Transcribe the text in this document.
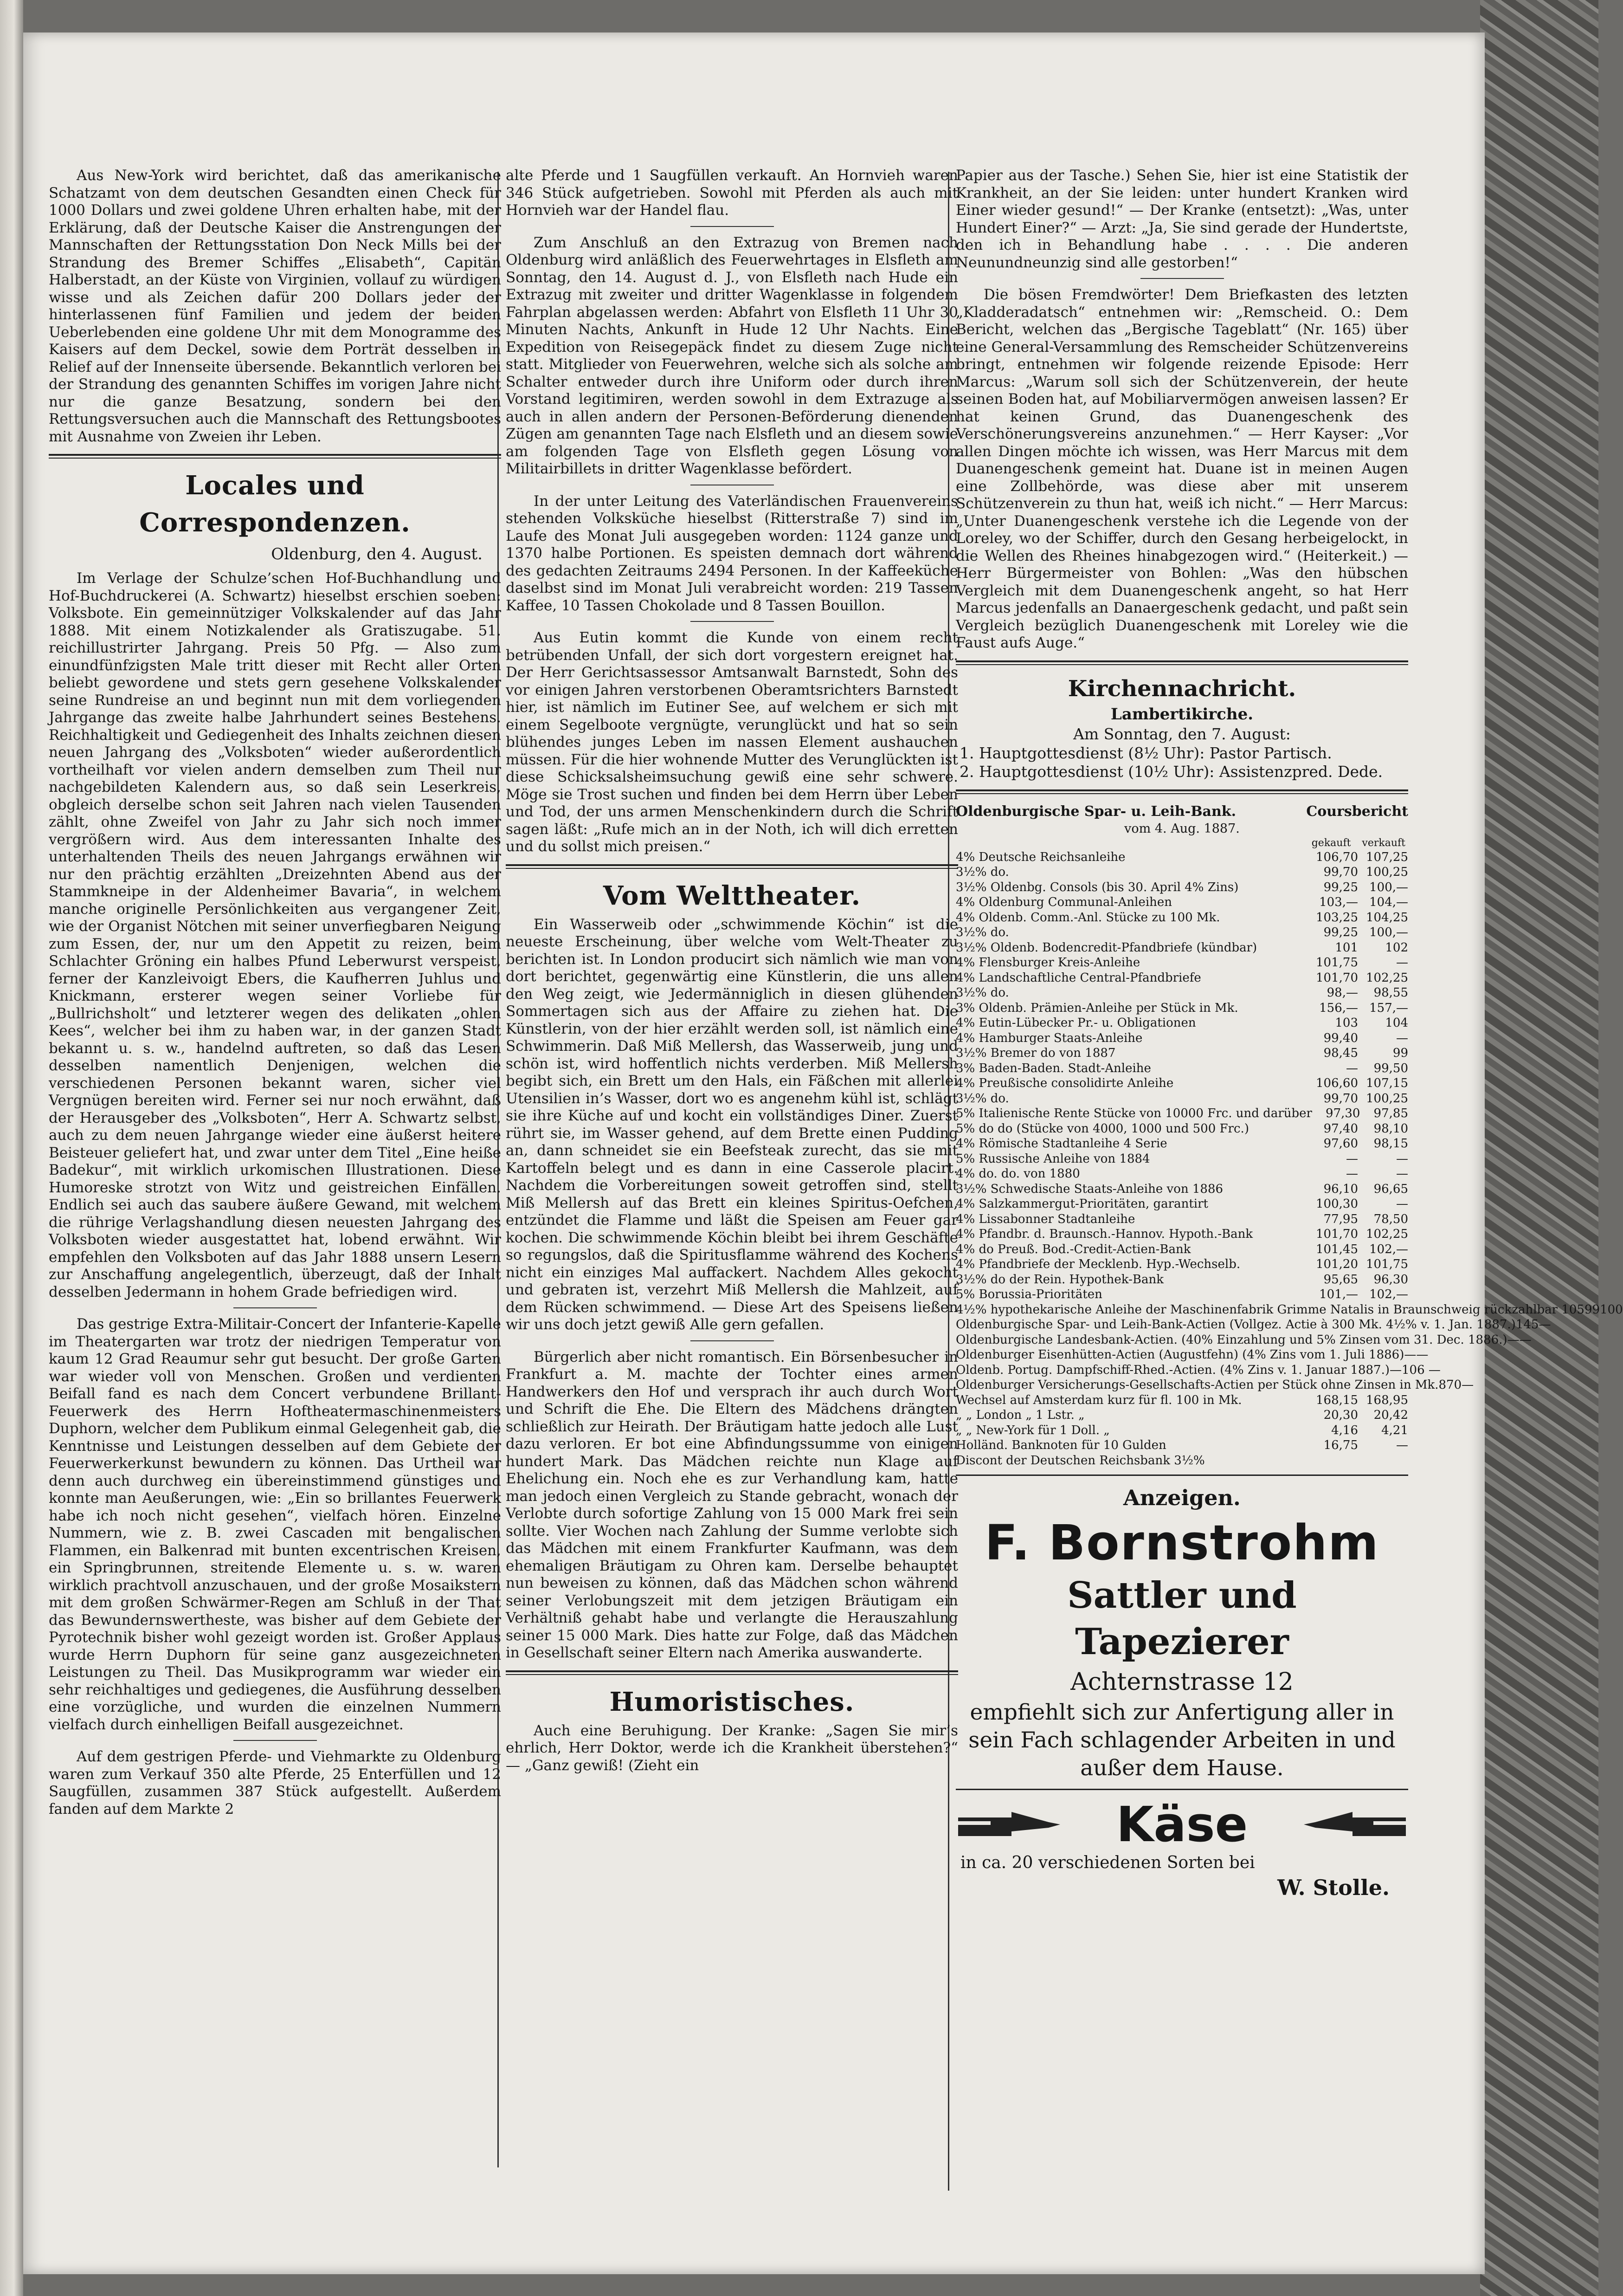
Aus New-York wird berichtet, daß das amerikanische Schatzamt von dem deutschen Gesandten einen Check für 1000 Dollars und zwei goldene Uhren erhalten habe, mit der Erklärung, daß der Deutsche Kaiser die Anstrengungen der Mannschaften der Rettungsstation Don Neck Mills bei der Strandung des Bremer Schiffes „Elisabeth“, Capitän Halberstadt, an der Küste von Virginien, vollauf zu würdigen wisse und als Zeichen dafür 200 Dollars jeder der hinterlassenen fünf Familien und jedem der beiden Ueberlebenden eine goldene Uhr mit dem Monogramme des Kaisers auf dem Deckel, sowie dem Porträt desselben in Relief auf der Innenseite übersende. Bekanntlich verloren bei der Strandung des genannten Schiffes im vorigen Jahre nicht nur die ganze Besatzung, sondern bei den Rettungsversuchen auch die Mannschaft des Rettungsbootes mit Ausnahme von Zweien ihr Leben.

Locales und Correspondenzen.
Oldenburg, den 4. August.

Im Verlage der Schulze’schen Hof-Buchhandlung und Hof-Buchdruckerei (A. Schwartz) hieselbst erschien soeben: Volksbote. Ein gemeinnütziger Volkskalender auf das Jahr 1888. Mit einem Notizkalender als Gratiszugabe. 51. reichillustrirter Jahrgang. Preis 50 Pfg. — Also zum einundfünfzigsten Male tritt dieser mit Recht aller Orten beliebt gewordene und stets gern gesehene Volkskalender seine Rundreise an und beginnt nun mit dem vorliegenden Jahrgange das zweite halbe Jahrhundert seines Bestehens. Reichhaltigkeit und Gediegenheit des Inhalts zeichnen diesen neuen Jahrgang des „Volksboten“ wieder außerordentlich vortheilhaft vor vielen andern demselben zum Theil nur nachgebildeten Kalendern aus, so daß sein Leserkreis, obgleich derselbe schon seit Jahren nach vielen Tausenden zählt, ohne Zweifel von Jahr zu Jahr sich noch immer vergrößern wird. Aus dem interessanten Inhalte des unterhaltenden Theils des neuen Jahrgangs erwähnen wir nur den prächtig erzählten „Dreizehnten Abend aus der Stammkneipe in der Aldenheimer Bavaria“, in welchem manche originelle Persönlichkeiten aus vergangener Zeit, wie der Organist Nötchen mit seiner unverfiegbaren Neigung zum Essen, der, nur um den Appetit zu reizen, beim Schlachter Gröning ein halbes Pfund Leberwurst verspeist, ferner der Kanzleivoigt Ebers, die Kaufherren Juhlus und Knickmann, ersterer wegen seiner Vorliebe für „Bullrichsholt“ und letzterer wegen des delikaten „ohlen Kees“, welcher bei ihm zu haben war, in der ganzen Stadt bekannt u. s. w., handelnd auftreten, so daß das Lesen desselben namentlich Denjenigen, welchen die verschiedenen Personen bekannt waren, sicher viel Vergnügen bereiten wird. Ferner sei nur noch erwähnt, daß der Herausgeber des „Volksboten“, Herr A. Schwartz selbst, auch zu dem neuen Jahrgange wieder eine äußerst heitere Beisteuer geliefert hat, und zwar unter dem Titel „Eine heiße Badekur“, mit wirklich urkomischen Illustrationen. Diese Humoreske strotzt von Witz und geistreichen Einfällen. Endlich sei auch das saubere äußere Gewand, mit welchem die rührige Verlagshandlung diesen neuesten Jahrgang des Volksboten wieder ausgestattet hat, lobend erwähnt. Wir empfehlen den Volksboten auf das Jahr 1888 unsern Lesern zur Anschaffung angelegentlich, überzeugt, daß der Inhalt desselben Jedermann in hohem Grade befriedigen wird.

Das gestrige Extra-Militair-Concert der Infanterie-Kapelle im Theatergarten war trotz der niedrigen Temperatur von kaum 12 Grad Reaumur sehr gut besucht. Der große Garten war wieder voll von Menschen. Großen und verdienten Beifall fand es nach dem Concert verbundene Brillant-Feuerwerk des Herrn Hoftheatermaschinenmeisters Duphorn, welcher dem Publikum einmal Gelegenheit gab, die Kenntnisse und Leistungen desselben auf dem Gebiete der Feuerwerkerkunst bewundern zu können. Das Urtheil war denn auch durchweg ein übereinstimmend günstiges und konnte man Aeußerungen, wie: „Ein so brillantes Feuerwerk habe ich noch nicht gesehen“, vielfach hören. Einzelne Nummern, wie z. B. zwei Cascaden mit bengalischen Flammen, ein Balkenrad mit bunten excentrischen Kreisen, ein Springbrunnen, streitende Elemente u. s. w. waren wirklich prachtvoll anzuschauen, und der große Mosaikstern mit dem großen Schwärmer-Regen am Schluß in der That das Bewundernswertheste, was bisher auf dem Gebiete der Pyrotechnik bisher wohl gezeigt worden ist. Großer Applaus wurde Herrn Duphorn für seine ganz ausgezeichneten Leistungen zu Theil. Das Musikprogramm war wieder ein sehr reichhaltiges und gediegenes, die Ausführung desselben eine vorzügliche, und wurden die einzelnen Nummern vielfach durch einhelligen Beifall ausgezeichnet.

Auf dem gestrigen Pferde- und Viehmarkte zu Oldenburg waren zum Verkauf 350 alte Pferde, 25 Enterfüllen und 12 Saugfüllen, zusammen 387 Stück aufgestellt. Außerdem fanden auf dem Markte 2

alte Pferde und 1 Saugfüllen verkauft. An Hornvieh waren 346 Stück aufgetrieben. Sowohl mit Pferden als auch mit Hornvieh war der Handel flau.

Zum Anschluß an den Extrazug von Bremen nach Oldenburg wird anläßlich des Feuerwehrtages in Elsfleth am Sonntag, den 14. August d. J., von Elsfleth nach Hude ein Extrazug mit zweiter und dritter Wagenklasse in folgendem Fahrplan abgelassen werden: Abfahrt von Elsfleth 11 Uhr 30 Minuten Nachts, Ankunft in Hude 12 Uhr Nachts. Eine Expedition von Reisegepäck findet zu diesem Zuge nicht statt. Mitglieder von Feuerwehren, welche sich als solche am Schalter entweder durch ihre Uniform oder durch ihren Vorstand legitimiren, werden sowohl in dem Extrazuge als auch in allen andern der Personen-Beförderung dienenden Zügen am genannten Tage nach Elsfleth und an diesem sowie am folgenden Tage von Elsfleth gegen Lösung von Militairbillets in dritter Wagenklasse befördert.

In der unter Leitung des Vaterländischen Frauenvereins stehenden Volksküche hieselbst (Ritterstraße 7) sind im Laufe des Monat Juli ausgegeben worden: 1124 ganze und 1370 halbe Portionen. Es speisten demnach dort während des gedachten Zeitraums 2494 Personen. In der Kaffeeküche daselbst sind im Monat Juli verabreicht worden: 219 Tassen Kaffee, 10 Tassen Chokolade und 8 Tassen Bouillon.

Aus Eutin kommt die Kunde von einem recht betrübenden Unfall, der sich dort vorgestern ereignet hat. Der Herr Gerichtsassessor Amtsanwalt Barnstedt, Sohn des vor einigen Jahren verstorbenen Oberamtsrichters Barnstedt hier, ist nämlich im Eutiner See, auf welchem er sich mit einem Segelboote vergnügte, verunglückt und hat so sein blühendes junges Leben im nassen Element aushauchen müssen. Für die hier wohnende Mutter des Verunglückten ist diese Schicksalsheimsuchung gewiß eine sehr schwere. Möge sie Trost suchen und finden bei dem Herrn über Leben und Tod, der uns armen Menschenkindern durch die Schrift sagen läßt: „Rufe mich an in der Noth, ich will dich erretten und du sollst mich preisen.“

Vom Welttheater.

Ein Wasserweib oder „schwimmende Köchin“ ist die neueste Erscheinung, über welche vom Welt-Theater zu berichten ist. In London producirt sich nämlich wie man von dort berichtet, gegenwärtig eine Künstlerin, die uns allen den Weg zeigt, wie Jedermänniglich in diesen glühenden Sommertagen sich aus der Affaire zu ziehen hat. Die Künstlerin, von der hier erzählt werden soll, ist nämlich eine Schwimmerin. Daß Miß Mellersh, das Wasserweib, jung und schön ist, wird hoffentlich nichts verderben. Miß Mellersh begibt sich, ein Brett um den Hals, ein Fäßchen mit allerlei Utensilien in’s Wasser, dort wo es angenehm kühl ist, schlägt sie ihre Küche auf und kocht ein vollständiges Diner. Zuerst rührt sie, im Wasser gehend, auf dem Brette einen Pudding an, dann schneidet sie ein Beefsteak zurecht, das sie mit Kartoffeln belegt und es dann in eine Casserole placirt. Nachdem die Vorbereitungen soweit getroffen sind, stellt Miß Mellersh auf das Brett ein kleines Spiritus-Oefchen, entzündet die Flamme und läßt die Speisen am Feuer gar kochen. Die schwimmende Köchin bleibt bei ihrem Geschäfte so regungslos, daß die Spiritusflamme während des Kochens nicht ein einziges Mal auffackert. Nachdem Alles gekocht und gebraten ist, verzehrt Miß Mellersh die Mahlzeit, auf dem Rücken schwimmend. — Diese Art des Speisens ließen wir uns doch jetzt gewiß Alle gern gefallen.

Bürgerlich aber nicht romantisch. Ein Börsenbesucher in Frankfurt a. M. machte der Tochter eines armen Handwerkers den Hof und versprach ihr auch durch Wort und Schrift die Ehe. Die Eltern des Mädchens drängten schließlich zur Heirath. Der Bräutigam hatte jedoch alle Lust dazu verloren. Er bot eine Abfindungssumme von einigen hundert Mark. Das Mädchen reichte nun Klage auf Ehelichung ein. Noch ehe es zur Verhandlung kam, hatte man jedoch einen Vergleich zu Stande gebracht, wonach der Verlobte durch sofortige Zahlung von 15 000 Mark frei sein sollte. Vier Wochen nach Zahlung der Summe verlobte sich das Mädchen mit einem Frankfurter Kaufmann, was dem ehemaligen Bräutigam zu Ohren kam. Derselbe behauptet nun beweisen zu können, daß das Mädchen schon während seiner Verlobungszeit mit dem jetzigen Bräutigam ein Verhältniß gehabt habe und verlangte die Herauszahlung seiner 15 000 Mark. Dies hatte zur Folge, daß das Mädchen in Gesellschaft seiner Eltern nach Amerika auswanderte.

Humoristisches.

Auch eine Beruhigung. Der Kranke: „Sagen Sie mir’s ehrlich, Herr Doktor, werde ich die Krankheit überstehen?“ — „Ganz gewiß! (Zieht ein

Papier aus der Tasche.) Sehen Sie, hier ist eine Statistik der Krankheit, an der Sie leiden: unter hundert Kranken wird Einer wieder gesund!“ — Der Kranke (entsetzt): „Was, unter Hundert Einer?“ — Arzt: „Ja, Sie sind gerade der Hundertste, den ich in Behandlung habe . . . . Die anderen Neunundneunzig sind alle gestorben!“

Die bösen Fremdwörter! Dem Briefkasten des letzten „Kladderadatsch“ entnehmen wir: „Remscheid. O.: Dem Bericht, welchen das „Bergische Tageblatt“ (Nr. 165) über eine General-Versammlung des Remscheider Schützenvereins bringt, entnehmen wir folgende reizende Episode: Herr Marcus: „Warum soll sich der Schützenverein, der heute seinen Boden hat, auf Mobiliarvermögen anweisen lassen? Er hat keinen Grund, das Duanengeschenk des Verschönerungsvereins anzunehmen.“ — Herr Kayser: „Vor allen Dingen möchte ich wissen, was Herr Marcus mit dem Duanengeschenk gemeint hat. Duane ist in meinen Augen eine Zollbehörde, was diese aber mit unserem Schützenverein zu thun hat, weiß ich nicht.“ — Herr Marcus: „Unter Duanengeschenk verstehe ich die Legende von der Loreley, wo der Schiffer, durch den Gesang herbeigelockt, in die Wellen des Rheines hinabgezogen wird.“ (Heiterkeit.) — Herr Bürgermeister von Bohlen: „Was den hübschen Vergleich mit dem Duanengeschenk angeht, so hat Herr Marcus jedenfalls an Danaergeschenk gedacht, und paßt sein Vergleich bezüglich Duanengeschenk mit Loreley wie die Faust aufs Auge.“

Kirchennachricht.
Lambertikirche.
Am Sonntag, den 7. August:
1. Hauptgottesdienst (8½ Uhr): Pastor Partisch.
2. Hauptgottesdienst (10½ Uhr): Assistenzpred. Dede.
Oldenburgische Spar- u. Leih-Bank.	Coursbericht
vom 4. Aug. 1887.
gekauft verkauft
4% Deutsche Reichsanleihe	106,70 107,25
3½% do.	99,70 100,25
3½% Oldenbg. Consols (bis 30. April 4% Zins)	99,25 100,—
4% Oldenburg Communal-Anleihen	103,— 104,—
4% Oldenb. Comm.-Anl. Stücke zu 100 Mk.	103,25 104,25
3½% do.	99,25 100,—
3½% Oldenb. Bodencredit-Pfandbriefe (kündbar)	101	102
4% Flensburger Kreis-Anleihe	101,75	—
4% Landschaftliche Central-Pfandbriefe	101,70 102,25
3½% do.	98,—	98,55
3% Oldenb. Prämien-Anleihe per Stück in Mk.	156,— 157,—
4% Eutin-Lübecker Pr.- u. Obligationen	103	104
4% Hamburger Staats-Anleihe	99,40	—
3½% Bremer do von 1887	98,45	99
3% Baden-Baden. Stadt-Anleihe	—	99,50
4% Preußische consolidirte Anleihe	106,60 107,15
3½% do.	99,70 100,25
5% Italienische Rente Stücke von 10000 Frc. und darüber	97,30	97,85
5% do do (Stücke von 4000, 1000 und 500 Frc.)	97,40	98,10
4% Römische Stadtanleihe 4 Serie	97,60	98,15
5% Russische Anleihe von 1884	—	—
4% do. do. von 1880	—	—
3½% Schwedische Staats-Anleihe von 1886	96,10	96,65
4% Salzkammergut-Prioritäten, garantirt	100,30	—
4% Lissabonner Stadtanleihe	77,95	78,50
4% Pfandbr. d. Braunsch.-Hannov. Hypoth.-Bank	101,70 102,25
4% do Preuß. Bod.-Credit-Actien-Bank	101,45 102,—
4% Pfandbriefe der Mecklenb. Hyp.-Wechselb.	101,20 101,75
3½% do der Rein. Hypothek-Bank	95,65	96,30
5% Borussia-Prioritäten	101,— 102,—
4½% hypothekarische Anleihe der Maschinenfabrik Grimme Natalis in Braunschweig rückzahlbar 105 99 100
Oldenburgische Spar- und Leih-Bank-Actien (Vollgez. Actie à 300 Mk. 4½% v. 1. Jan. 1887.) 145 —
Oldenburgische Landesbank-Actien. (40% Einzahlung und 5% Zinsen vom 31. Dec. 1886.) — —
Oldenburger Eisenhütten-Actien (Augustfehn) (4% Zins vom 1. Juli 1886) — —
Oldenb. Portug. Dampfschiff-Rhed.-Actien. (4% Zins v. 1. Januar 1887.) — 106 —
Oldenburger Versicherungs-Gesellschafts-Actien per Stück ohne Zinsen in Mk. 870 —
Wechsel auf Amsterdam kurz für fl. 100 in Mk.	168,15 168,95
„ „ London „ 1 Lstr. „	20,30	20,42
„ „ New-York für 1 Doll. „	4,16	4,21
Holländ. Banknoten für 10 Gulden	16,75	—
Discont der Deutschen Reichsbank 3½%
Anzeigen.
F. Bornstrohm
Sattler und Tapezierer
Achternstrasse 12
empfiehlt sich zur Anfertigung aller in sein Fach schlagender Arbeiten in und außer dem Hause.
Käse
in ca. 20 verschiedenen Sorten bei
W. Stolle.
